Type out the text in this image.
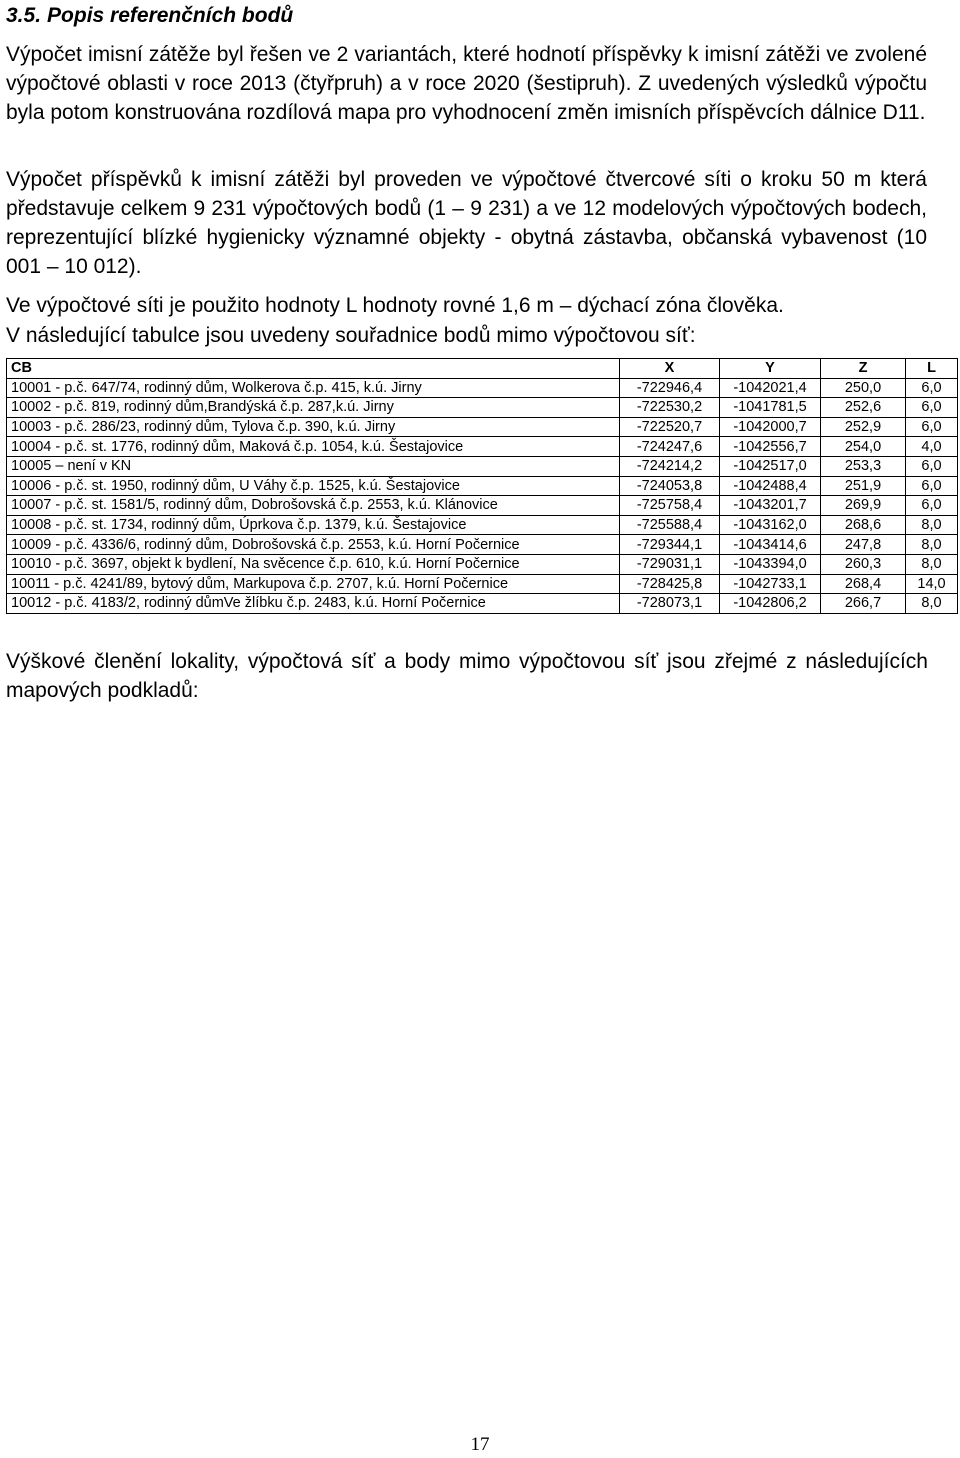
3.5. Popis referenčních bodů
Výpočet imisní zátěže byl řešen ve 2 variantách, které hodnotí příspěvky k imisní zátěži ve zvolené výpočtové oblasti v roce 2013 (čtyřpruh) a v roce 2020 (šestipruh). Z uvedených výsledků výpočtu byla potom konstruována rozdílová mapa pro vyhodnocení změn imisních příspěvcích dálnice D11.
Výpočet příspěvků k imisní zátěži byl proveden ve výpočtové čtvercové síti o kroku 50 m která představuje celkem 9 231 výpočtových bodů (1 – 9 231) a ve 12 modelových výpočtových bodech, reprezentující blízké hygienicky významné objekty - obytná zástavba, občanská vybavenost (10 001 – 10 012).
Ve výpočtové síti je použito hodnoty L hodnoty rovné 1,6 m – dýchací zóna člověka.
V následující tabulce jsou uvedeny souřadnice bodů mimo výpočtovou síť:
CB	X	Y	Z	L
10001 - p.č. 647/74, rodinný dům, Wolkerova č.p. 415, k.ú. Jirny	-722946,4	-1042021,4	250,0	6,0
10002 - p.č. 819, rodinný dům,Brandýská č.p. 287,k.ú. Jirny	-722530,2	-1041781,5	252,6	6,0
10003 - p.č. 286/23, rodinný dům, Tylova č.p. 390, k.ú. Jirny	-722520,7	-1042000,7	252,9	6,0
10004 - p.č. st. 1776, rodinný dům, Maková č.p. 1054, k.ú. Šestajovice	-724247,6	-1042556,7	254,0	4,0
10005 – není v KN	-724214,2	-1042517,0	253,3	6,0
10006 - p.č. st. 1950, rodinný dům, U Váhy č.p. 1525, k.ú. Šestajovice	-724053,8	-1042488,4	251,9	6,0
10007 - p.č. st. 1581/5, rodinný dům, Dobrošovská č.p. 2553, k.ú. Klánovice	-725758,4	-1043201,7	269,9	6,0
10008 - p.č. st. 1734, rodinný dům, Úprkova č.p. 1379, k.ú. Šestajovice	-725588,4	-1043162,0	268,6	8,0
10009 - p.č. 4336/6, rodinný dům, Dobrošovská č.p. 2553, k.ú. Horní Počernice	-729344,1	-1043414,6	247,8	8,0
10010 - p.č. 3697, objekt k bydlení, Na svěcence č.p. 610, k.ú. Horní Počernice	-729031,1	-1043394,0	260,3	8,0
10011 - p.č. 4241/89, bytový dům, Markupova č.p. 2707, k.ú. Horní Počernice	-728425,8	-1042733,1	268,4	14,0
10012 - p.č. 4183/2, rodinný důmVe žlíbku č.p. 2483, k.ú. Horní Počernice	-728073,1	-1042806,2	266,7	8,0
Výškové členění lokality, výpočtová síť a body mimo výpočtovou síť jsou zřejmé z následujících mapových podkladů:
17
